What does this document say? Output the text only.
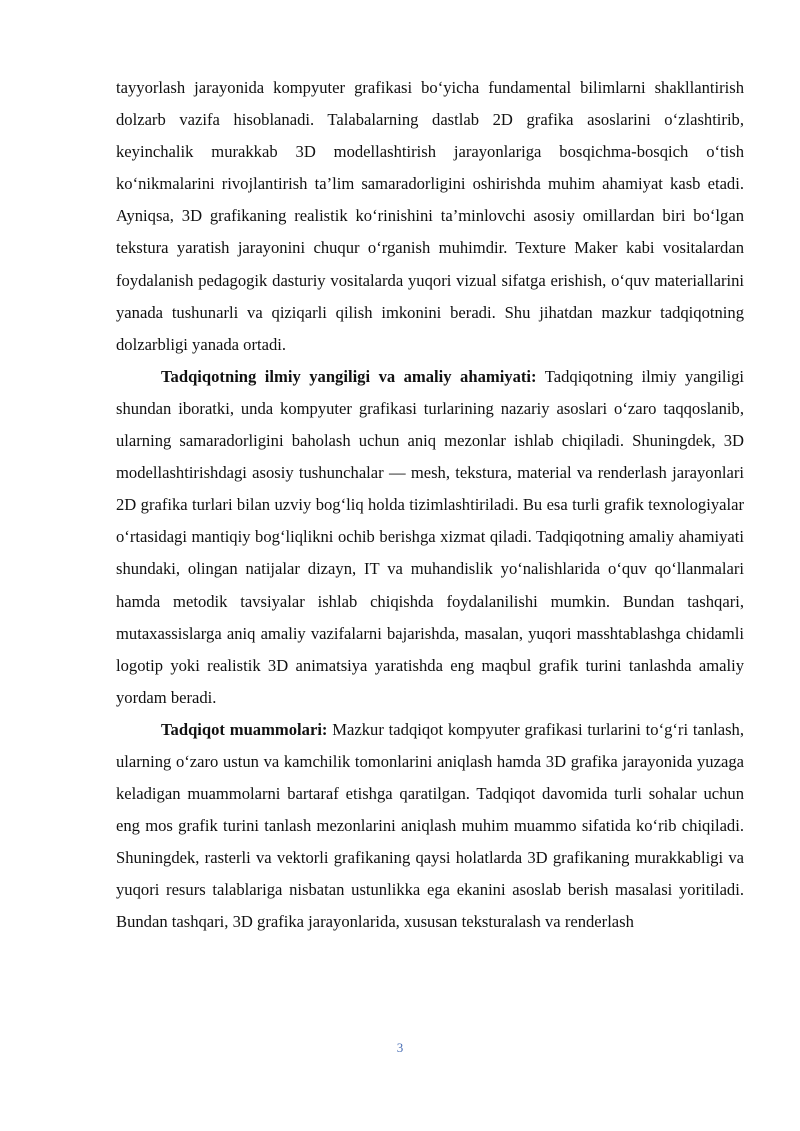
tayyorlash jarayonida kompyuter grafikasi bo‘yicha fundamental bilimlarni shakllantirish dolzarb vazifa hisoblanadi. Talabalarning dastlab 2D grafika asoslarini o‘zlashtirib, keyinchalik murakkab 3D modellashtirish jarayonlariga bosqichma-bosqich o‘tish ko‘nikmalarini rivojlantirish ta’lim samaradorligini oshirishda muhim ahamiyat kasb etadi. Ayniqsa, 3D grafikaning realistik ko‘rinishini ta’minlovchi asosiy omillardan biri bo‘lgan tekstura yaratish jarayonini chuqur o‘rganish muhimdir. Texture Maker kabi vositalardan foydalanish pedagogik dasturiy vositalarda yuqori vizual sifatga erishish, o‘quv materiallarini yanada tushunarli va qiziqarli qilish imkonini beradi. Shu jihatdan mazkur tadqiqotning dolzarbligi yanada ortadi.

Tadqiqotning ilmiy yangiligi va amaliy ahamiyati: Tadqiqotning ilmiy yangiligi shundan iboratki, unda kompyuter grafikasi turlarining nazariy asoslari o‘zaro taqqoslanib, ularning samaradorligini baholash uchun aniq mezonlar ishlab chiqiladi. Shuningdek, 3D modellashtirishdagi asosiy tushunchalar — mesh, tekstura, material va renderlash jarayonlari 2D grafika turlari bilan uzviy bog‘liq holda tizimlashtiriladi. Bu esa turli grafik texnologiyalar o‘rtasidagi mantiqiy bog‘liqlikni ochib berishga xizmat qiladi. Tadqiqotning amaliy ahamiyati shundaki, olingan natijalar dizayn, IT va muhandislik yo‘nalishlarida o‘quv qo‘llanmalari hamda metodik tavsiyalar ishlab chiqishda foydalanilishi mumkin. Bundan tashqari, mutaxassislarga aniq amaliy vazifalarni bajarishda, masalan, yuqori masshtablashga chidamli logotip yoki realistik 3D animatsiya yaratishda eng maqbul grafik turini tanlashda amaliy yordam beradi.

Tadqiqot muammolari: Mazkur tadqiqot kompyuter grafikasi turlarini to‘g‘ri tanlash, ularning o‘zaro ustun va kamchilik tomonlarini aniqlash hamda 3D grafika jarayonida yuzaga keladigan muammolarni bartaraf etishga qaratilgan. Tadqiqot davomida turli sohalar uchun eng mos grafik turini tanlash mezonlarini aniqlash muhim muammo sifatida ko‘rib chiqiladi. Shuningdek, rasterli va vektorli grafikaning qaysi holatlarda 3D grafikaning murakkabligi va yuqori resurs talablariga nisbatan ustunlikka ega ekanini asoslab berish masalasi yoritiladi. Bundan tashqari, 3D grafika jarayonlarida, xususan teksturalash va renderlash

3
